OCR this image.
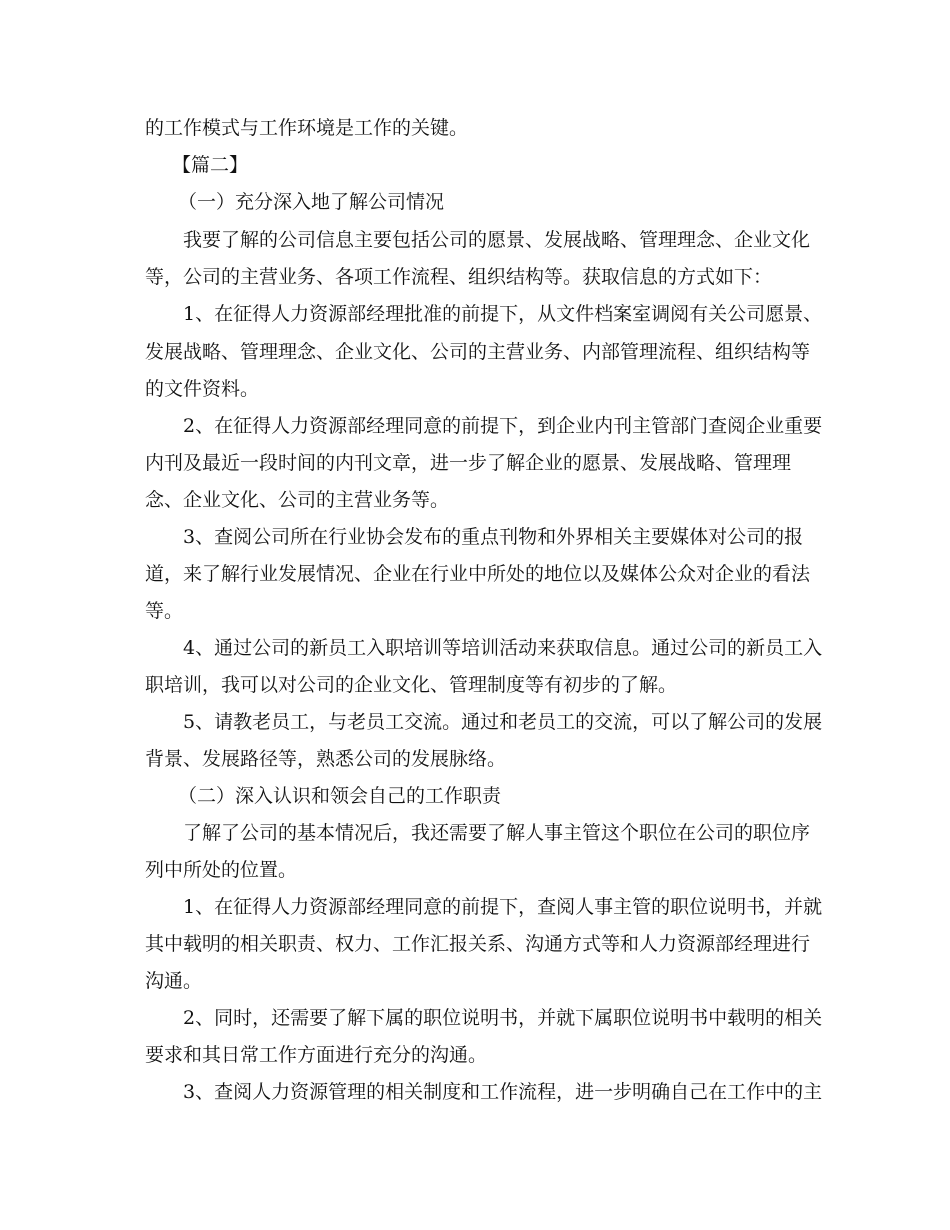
的工作模式与工作环境是工作的关键。
【篇二】
（一）充分深入地了解公司情况
我要了解的公司信息主要包括公司的愿景、发展战略、管理理念、企业文化
等，公司的主营业务、各项工作流程、组织结构等。获取信息的方式如下：
1、在征得人力资源部经理批准的前提下，从文件档案室调阅有关公司愿景、
发展战略、管理理念、企业文化、公司的主营业务、内部管理流程、组织结构等
的文件资料。
2、在征得人力资源部经理同意的前提下，到企业内刊主管部门查阅企业重要
内刊及最近一段时间的内刊文章，进一步了解企业的愿景、发展战略、管理理
念、企业文化、公司的主营业务等。
3、查阅公司所在行业协会发布的重点刊物和外界相关主要媒体对公司的报
道，来了解行业发展情况、企业在行业中所处的地位以及媒体公众对企业的看法
等。
4、通过公司的新员工入职培训等培训活动来获取信息。通过公司的新员工入
职培训，我可以对公司的企业文化、管理制度等有初步的了解。
5、请教老员工，与老员工交流。通过和老员工的交流，可以了解公司的发展
背景、发展路径等，熟悉公司的发展脉络。
（二）深入认识和领会自己的工作职责
了解了公司的基本情况后，我还需要了解人事主管这个职位在公司的职位序
列中所处的位置。
1、在征得人力资源部经理同意的前提下，查阅人事主管的职位说明书，并就
其中载明的相关职责、权力、工作汇报关系、沟通方式等和人力资源部经理进行
沟通。
2、同时，还需要了解下属的职位说明书，并就下属职位说明书中载明的相关
要求和其日常工作方面进行充分的沟通。
3、查阅人力资源管理的相关制度和工作流程，进一步明确自己在工作中的主
